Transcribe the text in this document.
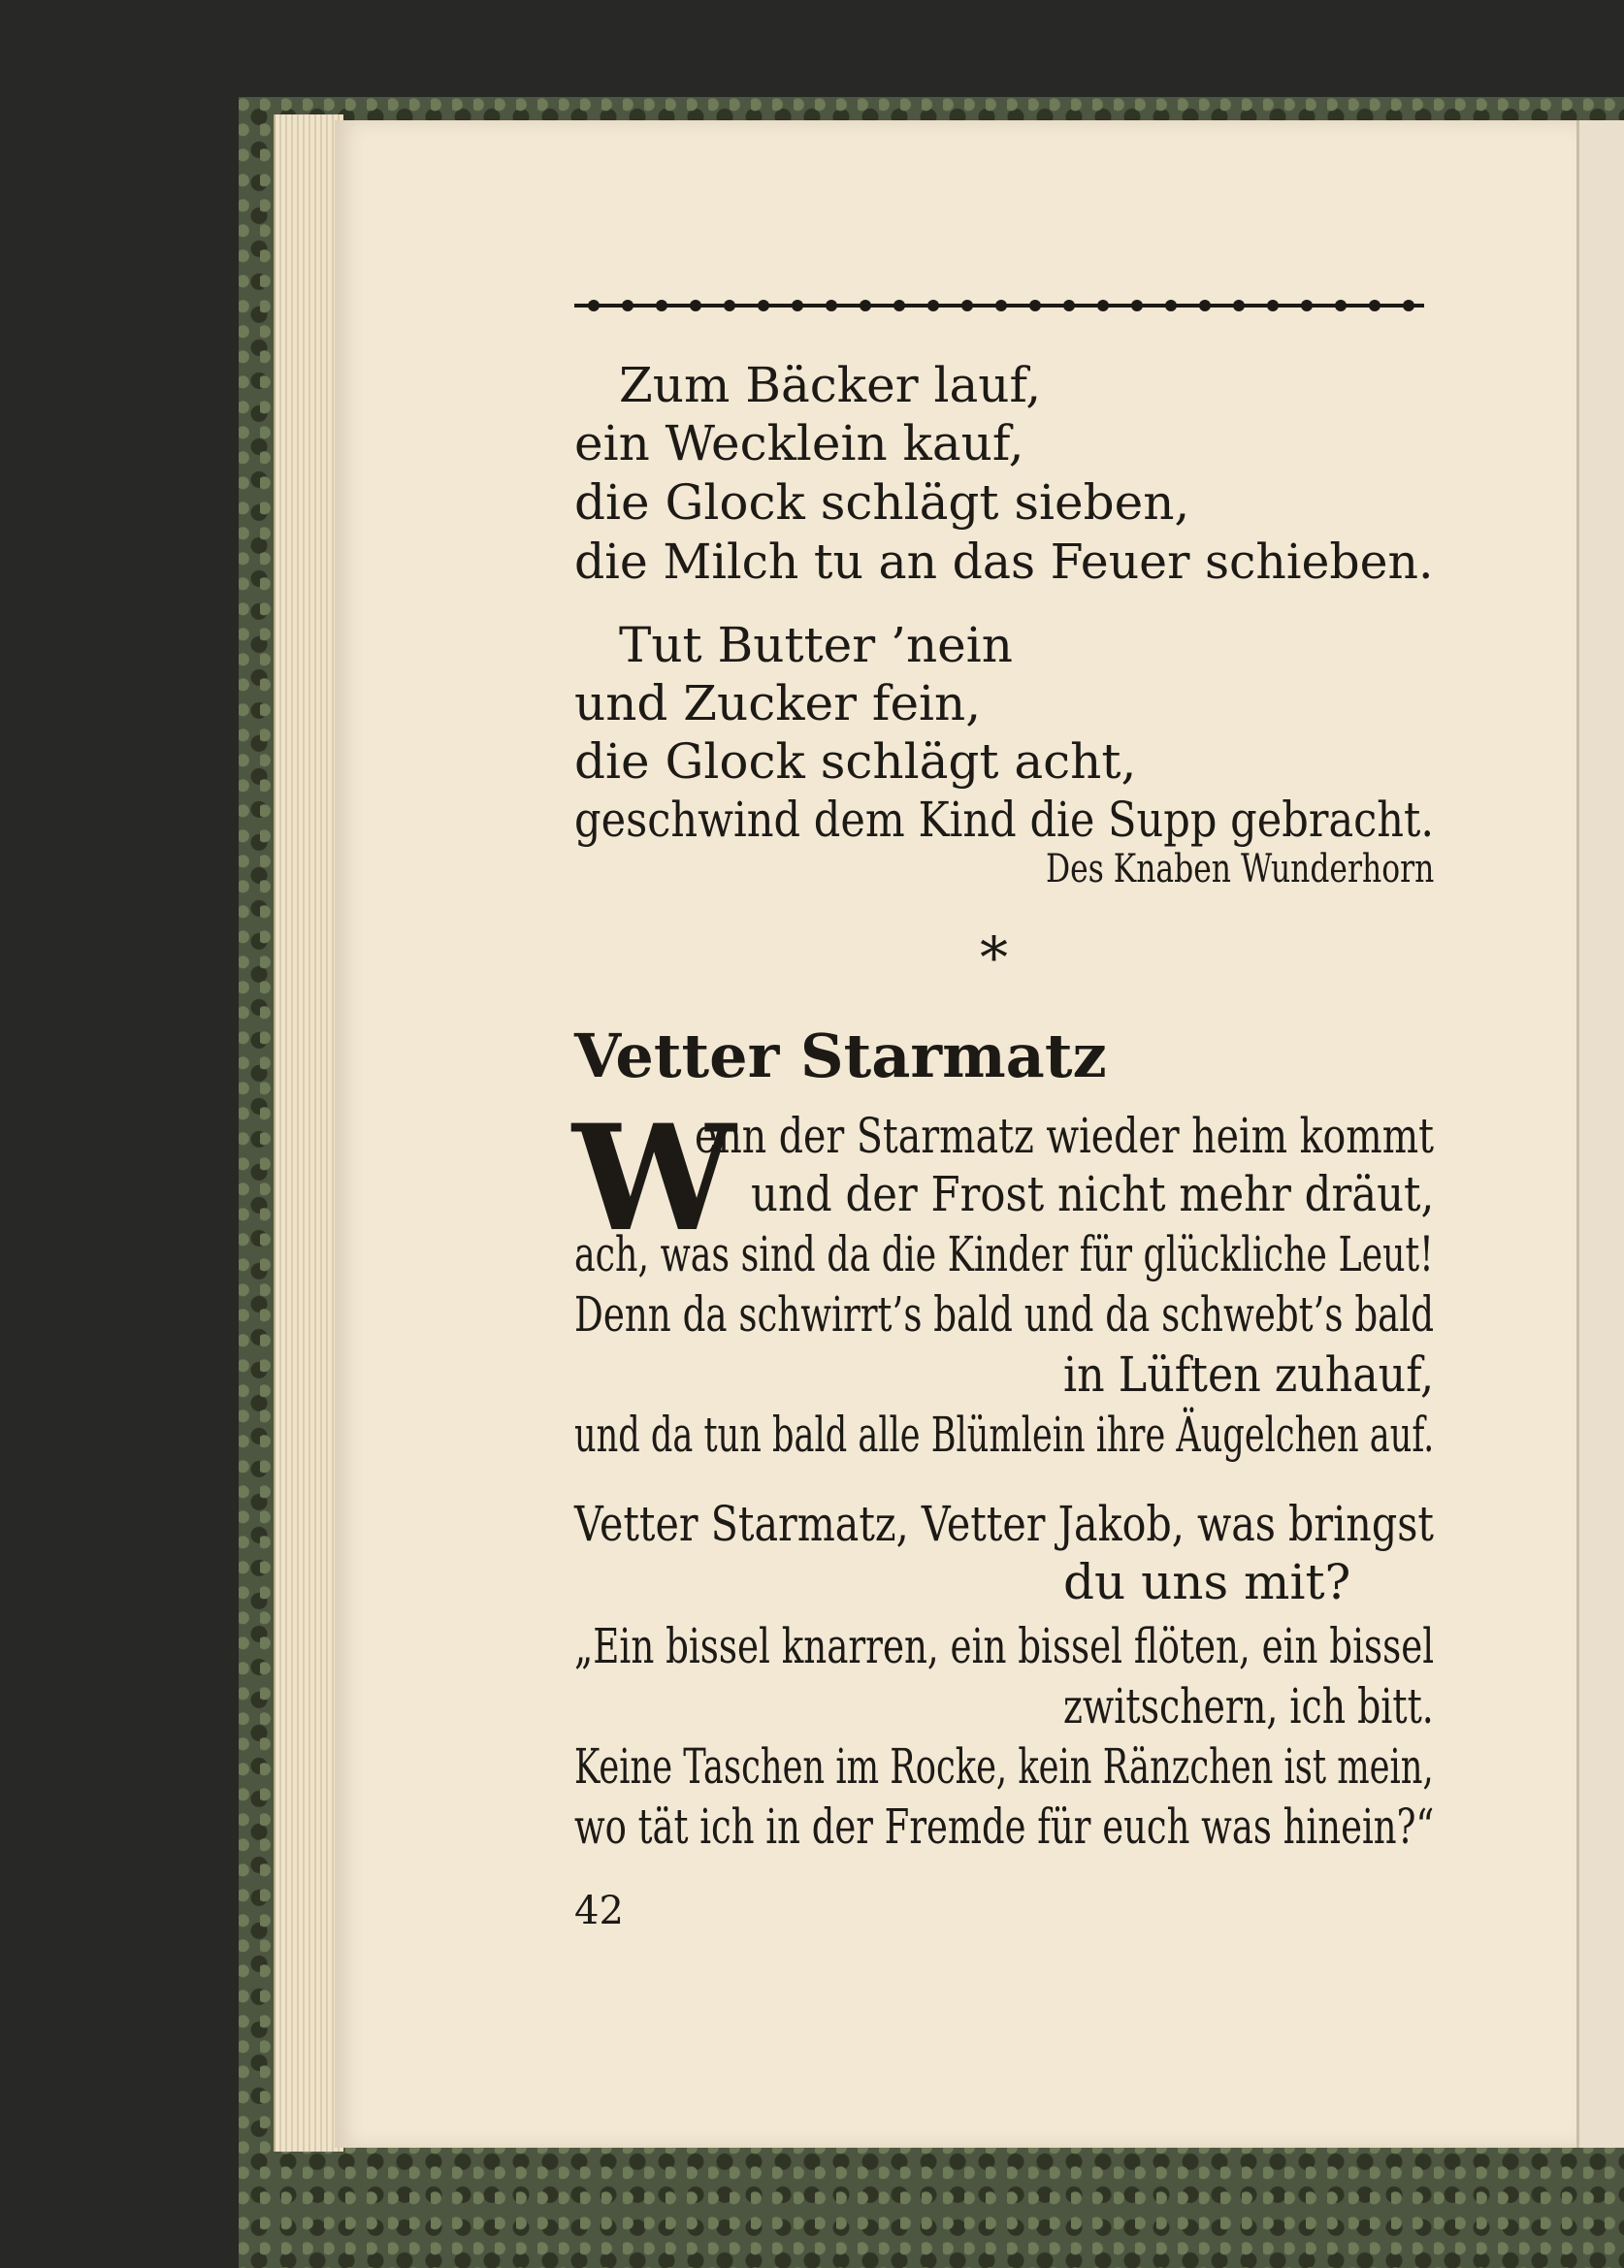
Zum Bäcker lauf,
ein Wecklein kauf,
die Glock schlägt sieben,
die Milch tu an das Feuer schieben.
Tut Butter ’nein
und Zucker fein,
die Glock schlägt acht,
geschwind dem Kind die Supp gebracht.
Des Knaben Wunderhorn
*
Vetter Starmatz
W
enn der Starmatz wieder heim kommt
und der Frost nicht mehr dräut,
ach, was sind da die Kinder für glückliche Leut!
Denn da schwirrt’s bald und da schwebt’s bald
in Lüften zuhauf,
und da tun bald alle Blümlein ihre Äugelchen auf.
Vetter Starmatz, Vetter Jakob, was bringst
du uns mit?
„Ein bissel knarren, ein bissel flöten, ein bissel
zwitschern, ich bitt.
Keine Taschen im Rocke, kein Ränzchen ist mein,
wo tät ich in der Fremde für euch was hinein?“
42
